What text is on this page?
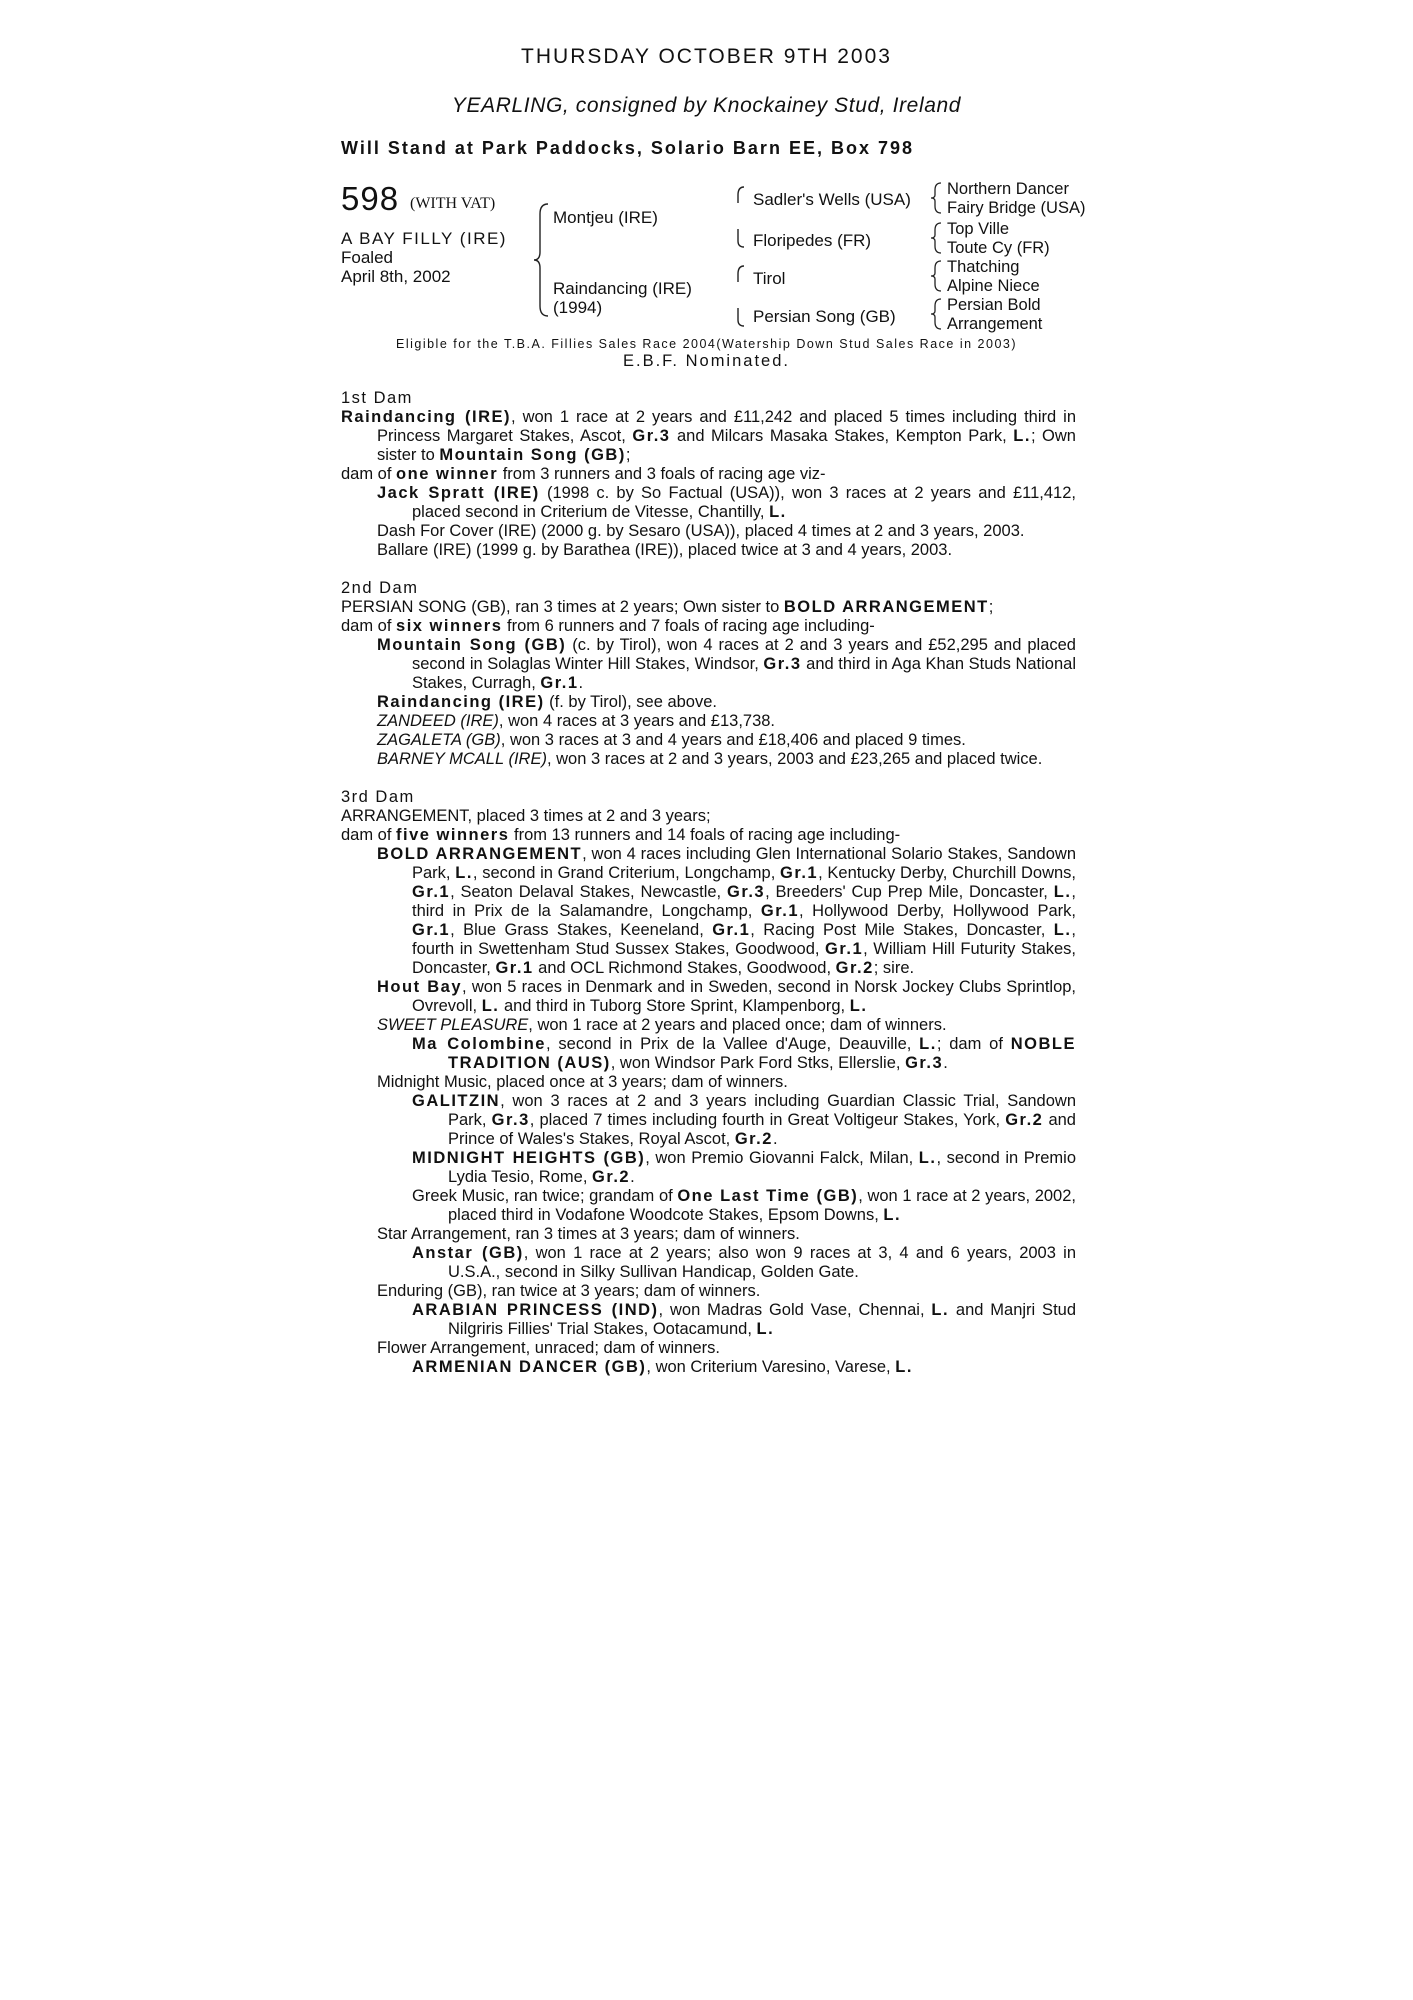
THURSDAY OCTOBER 9TH 2003
YEARLING, consigned by Knockainey Stud, Ireland
Will Stand at Park Paddocks, Solario Barn EE, Box 798
598 (WITH VAT)
A BAY FILLY (IRE)
Foaled
April 8th, 2002
Montjeu (IRE)
Raindancing (IRE)
(1994)
Sadler's Wells (USA)
Floripedes (FR)
Tirol
Persian Song (GB)
Northern Dancer
Fairy Bridge (USA)
Top Ville
Toute Cy (FR)
Thatching
Alpine Niece
Persian Bold
Arrangement
Eligible for the T.B.A. Fillies Sales Race 2004(Watership Down Stud Sales Race in 2003)
E.B.F. Nominated.

1st Dam

Raindancing (IRE), won 1 race at 2 years and £11,242 and placed 5 times including third in Princess Margaret Stakes, Ascot, Gr.3 and Milcars Masaka Stakes, Kempton Park, L.; Own sister to Mountain Song (GB);

dam of one winner from 3 runners and 3 foals of racing age viz-

Jack Spratt (IRE) (1998 c. by So Factual (USA)), won 3 races at 2 years and £11,412, placed second in Criterium de Vitesse, Chantilly, L.

Dash For Cover (IRE) (2000 g. by Sesaro (USA)), placed 4 times at 2 and 3 years, 2003.

Ballare (IRE) (1999 g. by Barathea (IRE)), placed twice at 3 and 4 years, 2003.

2nd Dam

PERSIAN SONG (GB), ran 3 times at 2 years; Own sister to BOLD ARRANGEMENT;

dam of six winners from 6 runners and 7 foals of racing age including-

Mountain Song (GB) (c. by Tirol), won 4 races at 2 and 3 years and £52,295 and placed second in Solaglas Winter Hill Stakes, Windsor, Gr.3 and third in Aga Khan Studs National Stakes, Curragh, Gr.1.

Raindancing (IRE) (f. by Tirol), see above.

ZANDEED (IRE), won 4 races at 3 years and £13,738.

ZAGALETA (GB), won 3 races at 3 and 4 years and £18,406 and placed 9 times.

BARNEY MCALL (IRE), won 3 races at 2 and 3 years, 2003 and £23,265 and placed twice.

3rd Dam

ARRANGEMENT, placed 3 times at 2 and 3 years;

dam of five winners from 13 runners and 14 foals of racing age including-

BOLD ARRANGEMENT, won 4 races including Glen International Solario Stakes, Sandown Park, L., second in Grand Criterium, Longchamp, Gr.1, Kentucky Derby, Churchill Downs, Gr.1, Seaton Delaval Stakes, Newcastle, Gr.3, Breeders' Cup Prep Mile, Doncaster, L., third in Prix de la Salamandre, Longchamp, Gr.1, Hollywood Derby, Hollywood Park, Gr.1, Blue Grass Stakes, Keeneland, Gr.1, Racing Post Mile Stakes, Doncaster, L., fourth in Swettenham Stud Sussex Stakes, Goodwood, Gr.1, William Hill Futurity Stakes, Doncaster, Gr.1 and OCL Richmond Stakes, Goodwood, Gr.2; sire.

Hout Bay, won 5 races in Denmark and in Sweden, second in Norsk Jockey Clubs Sprintlop, Ovrevoll, L. and third in Tuborg Store Sprint, Klampenborg, L.

SWEET PLEASURE, won 1 race at 2 years and placed once; dam of winners.

Ma Colombine, second in Prix de la Vallee d'Auge, Deauville, L.; dam of NOBLE TRADITION (AUS), won Windsor Park Ford Stks, Ellerslie, Gr.3.

Midnight Music, placed once at 3 years; dam of winners.

GALITZIN, won 3 races at 2 and 3 years including Guardian Classic Trial, Sandown Park, Gr.3, placed 7 times including fourth in Great Voltigeur Stakes, York, Gr.2 and Prince of Wales's Stakes, Royal Ascot, Gr.2.

MIDNIGHT HEIGHTS (GB), won Premio Giovanni Falck, Milan, L., second in Premio Lydia Tesio, Rome, Gr.2.

Greek Music, ran twice; grandam of One Last Time (GB), won 1 race at 2 years, 2002, placed third in Vodafone Woodcote Stakes, Epsom Downs, L.

Star Arrangement, ran 3 times at 3 years; dam of winners.

Anstar (GB), won 1 race at 2 years; also won 9 races at 3, 4 and 6 years, 2003 in U.S.A., second in Silky Sullivan Handicap, Golden Gate.

Enduring (GB), ran twice at 3 years; dam of winners.

ARABIAN PRINCESS (IND), won Madras Gold Vase, Chennai, L. and Manjri Stud Nilgriris Fillies' Trial Stakes, Ootacamund, L.

Flower Arrangement, unraced; dam of winners.

ARMENIAN DANCER (GB), won Criterium Varesino, Varese, L.
